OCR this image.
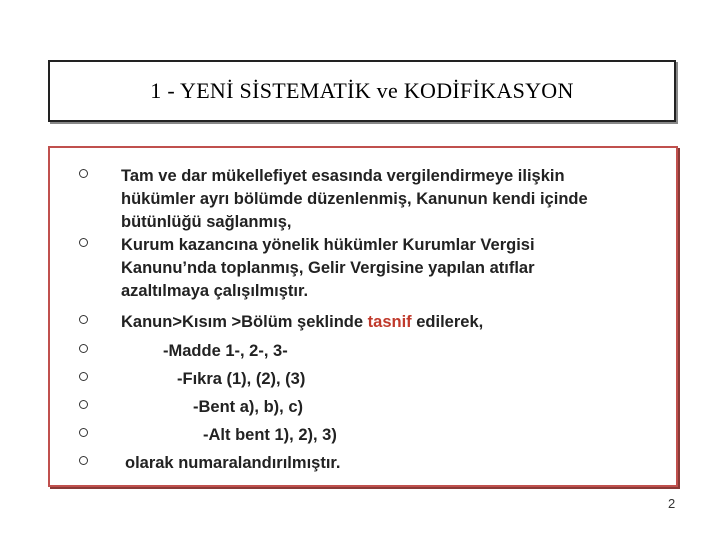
1 - YENİ SİSTEMATİK ve KODİFİKASYON
Tam ve dar mükellefiyet esasında vergilendirmeye ilişkin
hükümler ayrı bölümde düzenlenmiş, Kanunun kendi içinde
bütünlüğü sağlanmış,
Kurum kazancına yönelik hükümler Kurumlar Vergisi
Kanunu’nda toplanmış, Gelir Vergisine yapılan atıflar
azaltılmaya çalışılmıştır.
Kanun>Kısım >Bölüm şeklinde tasnif edilerek,
-Madde 1-, 2-, 3-
-Fıkra (1), (2), (3)
-Bent a), b), c)
-Alt bent 1), 2), 3)
olarak numaralandırılmıştır.
2
